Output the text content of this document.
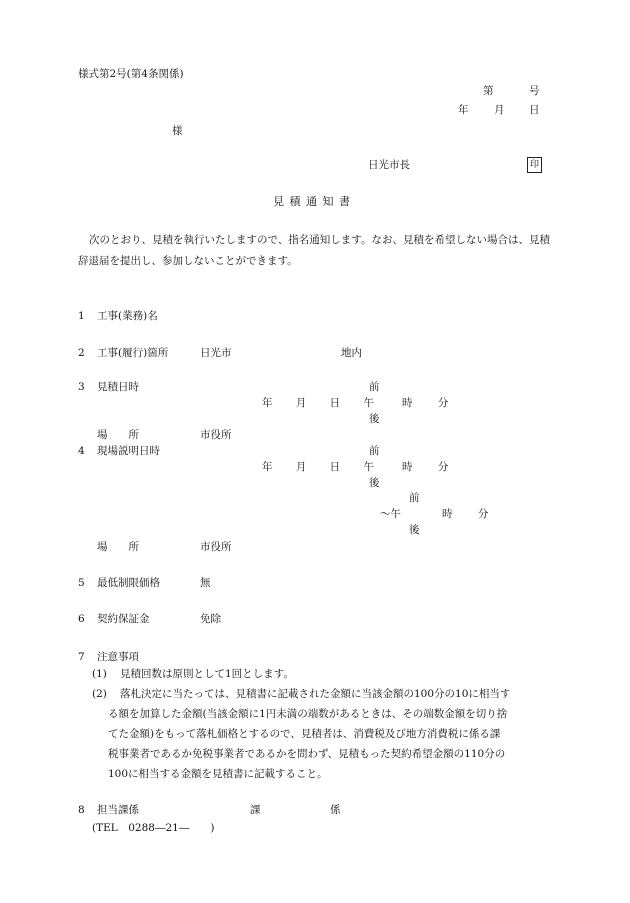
様式第2号(第4条関係)
第	号
年 月 日
様
日光市長	印
見 積 通 知 書
次のとおり、見積を執行いたしますので、指名通知します。なお、見積を希望しない場合は、見積辞退届を提出し、参加しないことができます。
1 工事(業務)名
2 工事(履行)箇所	日光市	地内
3 見積日時	前
年 月 日 午	時 分
後
場　　所	市役所
4 現場説明日時	前
年 月 日 午	時 分
後
前
～午	時 分
後
場　　所	市役所
5 最低制限価格	無
6 契約保証金	免除
7 注意事項
(1) 見積回数は原則として1回とします。
(2) 落札決定に当たっては、見積書に記載された金額に当該金額の100分の10に相当す
る額を加算した金額(当該金額に1円未満の端数があるときは、その端数金額を切り捨
てた金額)をもって落札価格とするので、見積者は、消費税及び地方消費税に係る課
税事業者であるか免税事業者であるかを問わず、見積もった契約希望金額の110分の
100に相当する金額を見積書に記載すること。
8 担当課係	課	係
(TEL　0288―21―　　)
